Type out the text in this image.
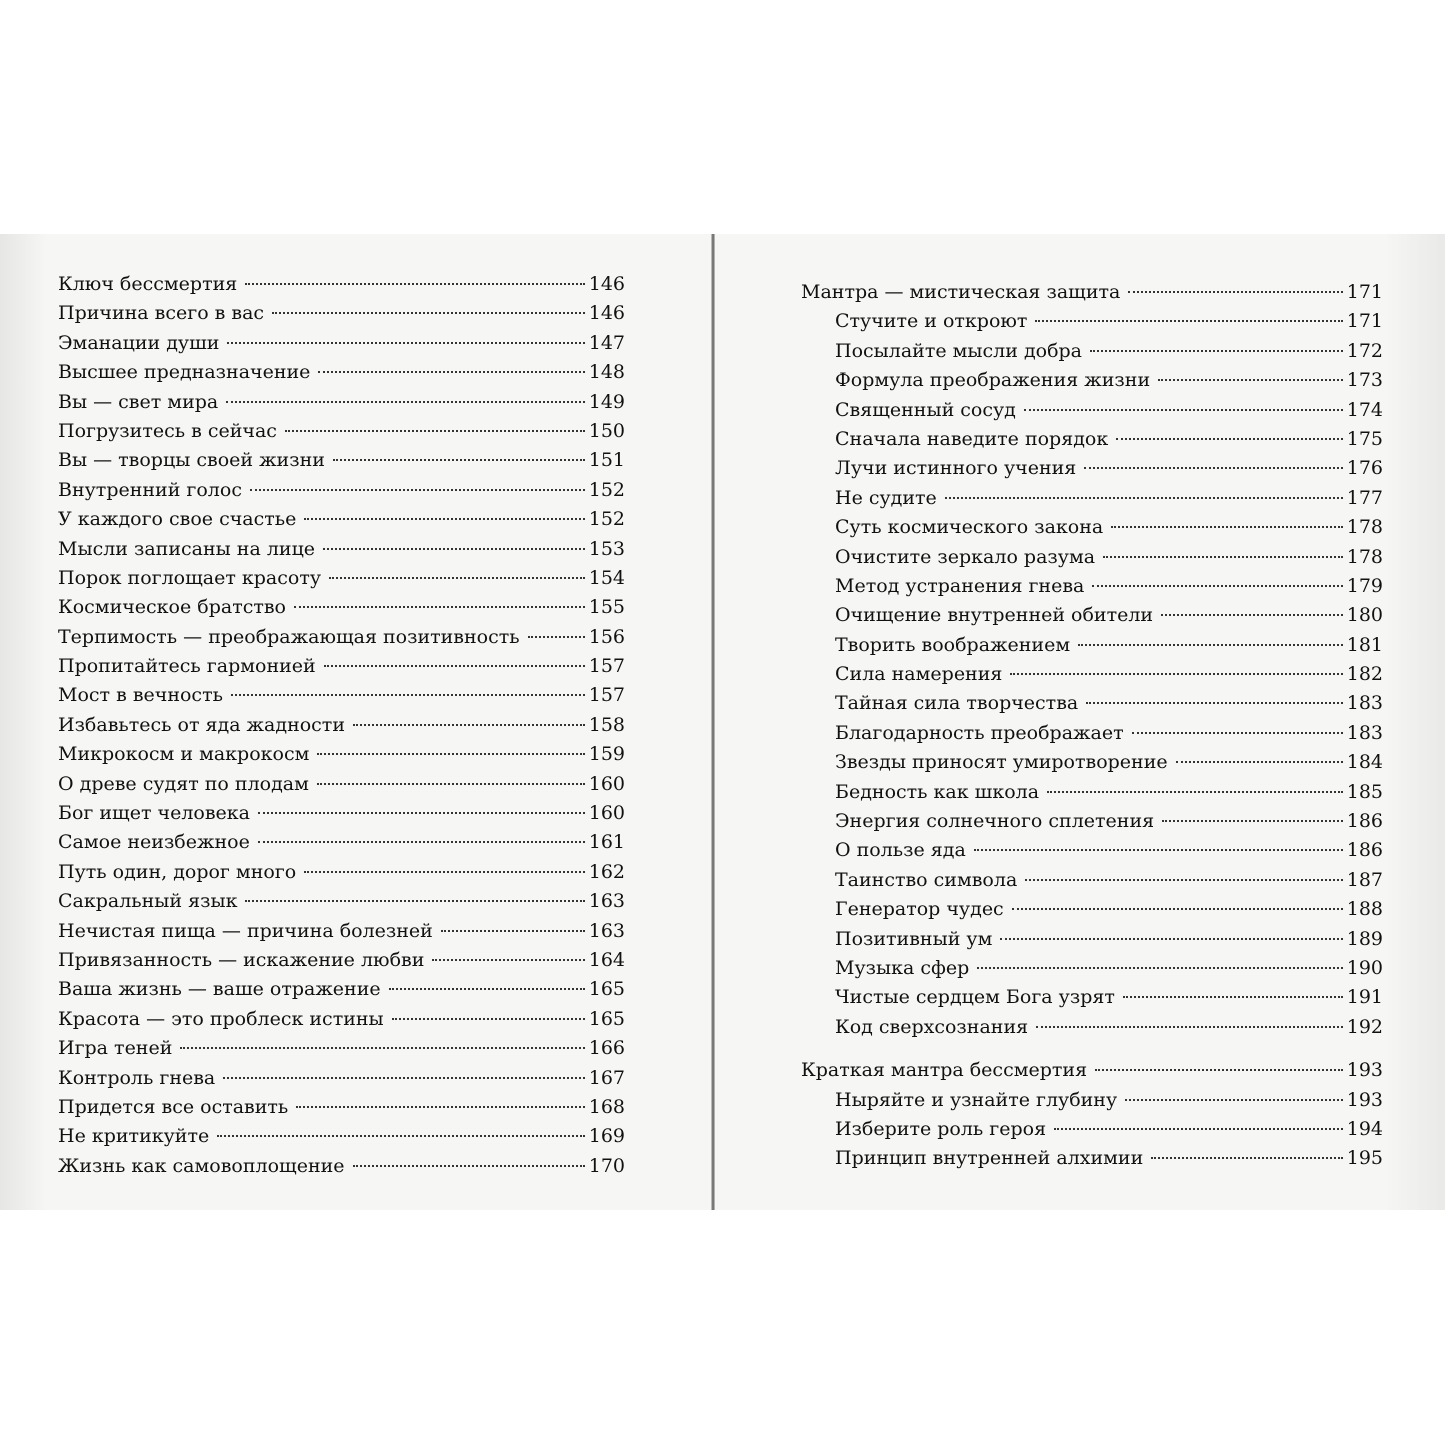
Ключ бессмертия	146
Причина всего в вас	146
Эманации души	147
Высшее предназначение	148
Вы — свет мира	149
Погрузитесь в сейчас	150
Вы — творцы своей жизни	151
Внутренний голос	152
У каждого свое счастье	152
Мысли записаны на лице	153
Порок поглощает красоту	154
Космическое братство	155
Терпимость — преображающая позитивность	156
Пропитайтесь гармонией	157
Мост в вечность	157
Избавьтесь от яда жадности	158
Микрокосм и макрокосм	159
О древе судят по плодам	160
Бог ищет человека	160
Самое неизбежное	161
Путь один, дорог много	162
Сакральный язык	163
Нечистая пища — причина болезней	163
Привязанность — искажение любви	164
Ваша жизнь — ваше отражение	165
Красота — это проблеск истины	165
Игра теней	166
Контроль гнева	167
Придется все оставить	168
Не критикуйте	169
Жизнь как самовоплощение	170
Мантра — мистическая защита	171
Стучите и откроют	171
Посылайте мысли добра	172
Формула преображения жизни	173
Священный сосуд	174
Сначала наведите порядок	175
Лучи истинного учения	176
Не судите	177
Суть космического закона	178
Очистите зеркало разума	178
Метод устранения гнева	179
Очищение внутренней обители	180
Творить воображением	181
Сила намерения	182
Тайная сила творчества	183
Благодарность преображает	183
Звезды приносят умиротворение	184
Бедность как школа	185
Энергия солнечного сплетения	186
О пользе яда	186
Таинство символа	187
Генератор чудес	188
Позитивный ум	189
Музыка сфер	190
Чистые сердцем Бога узрят	191
Код сверхсознания	192
Краткая мантра бессмертия	193
Ныряйте и узнайте глубину	193
Изберите роль героя	194
Принцип внутренней алхимии	195
